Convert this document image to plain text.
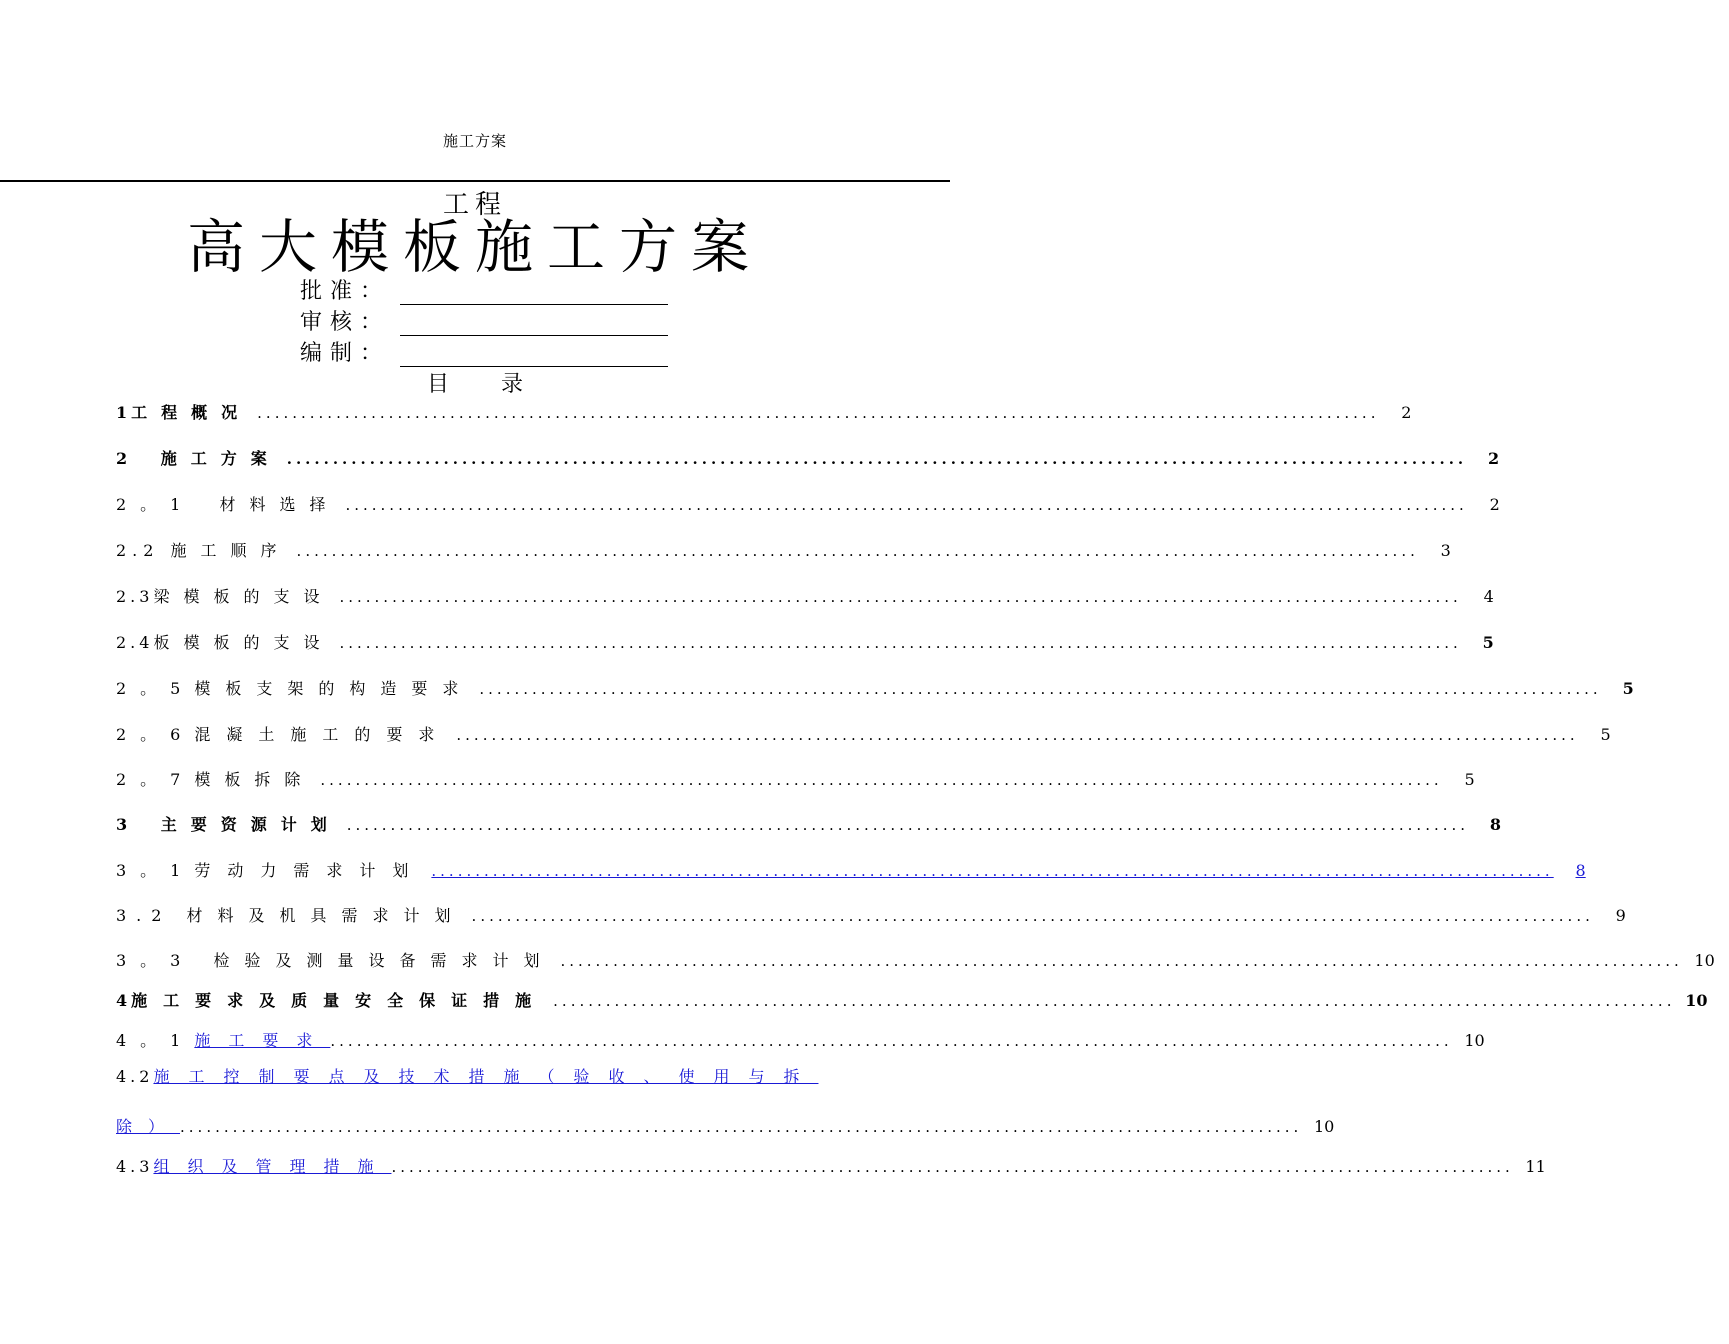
施工方案
工程
高大模板施工方案
批准：
审核：
编制：
目录
1 工程概况 ................................................................................................................................	2
2 施工方案 ................................................................................................................................	2
2。1 材料选择 ................................................................................................................................	2
2.2 施工顺序 ................................................................................................................................	3
2.3 梁模板的支设 ................................................................................................................................	4
2.4 板模板的支设 ................................................................................................................................	5
2。5 模板支架的构造要求 ................................................................................................................................	5
2。6 混凝土施工的要求 ................................................................................................................................	5
2。7 模板拆除 ................................................................................................................................	5
3 主要资源计划 ................................................................................................................................	8
3。1 劳动力需求计划 ................................................................................................................................	8
3.2 材料及机具需求计划 ................................................................................................................................	9
3。3 检验及测量设备需求计划 ................................................................................................................................ 10
4 施工要求及质量安全保证措施 ................................................................................................................................ 10
4。1 施工要求 ................................................................................................................................ 10
4.2施工控制要点及技术措施（验收、使用与拆
除） ................................................................................................................................ 10
4.3 组织及管理措施 ................................................................................................................................ 11
